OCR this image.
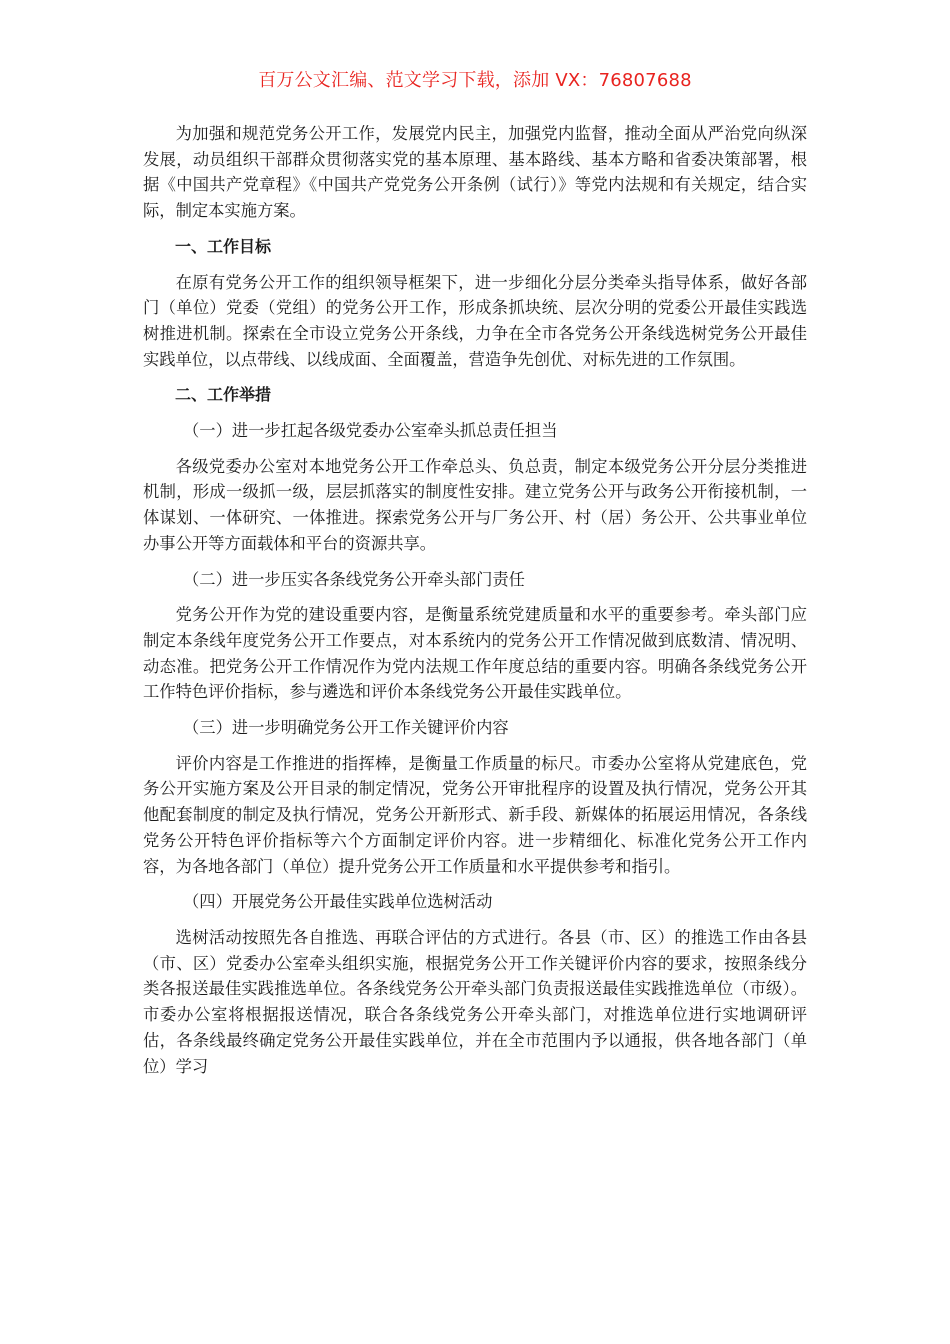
百万公文汇编、范文学习下载，添加 VX：76807688

为加强和规范党务公开工作，发展党内民主，加强党内监督，推动全面从严治党向纵深发展，动员组织干部群众贯彻落实党的基本原理、基本路线、基本方略和省委决策部署，根据《中国共产党章程》《中国共产党党务公开条例（试行）》等党内法规和有关规定，结合实际，制定本实施方案。

一、工作目标

在原有党务公开工作的组织领导框架下，进一步细化分层分类牵头指导体系，做好各部门（单位）党委（党组）的党务公开工作，形成条抓块统、层次分明的党委公开最佳实践选树推进机制。探索在全市设立党务公开条线，力争在全市各党务公开条线选树党务公开最佳实践单位，以点带线、以线成面、全面覆盖，营造争先创优、对标先进的工作氛围。

二、工作举措

（一）进一步扛起各级党委办公室牵头抓总责任担当

各级党委办公室对本地党务公开工作牵总头、负总责，制定本级党务公开分层分类推进机制，形成一级抓一级，层层抓落实的制度性安排。建立党务公开与政务公开衔接机制，一体谋划、一体研究、一体推进。探索党务公开与厂务公开、村（居）务公开、公共事业单位办事公开等方面载体和平台的资源共享。

（二）进一步压实各条线党务公开牵头部门责任

党务公开作为党的建设重要内容，是衡量系统党建质量和水平的重要参考。牵头部门应制定本条线年度党务公开工作要点，对本系统内的党务公开工作情况做到底数清、情况明、动态准。把党务公开工作情况作为党内法规工作年度总结的重要内容。明确各条线党务公开工作特色评价指标，参与遴选和评价本条线党务公开最佳实践单位。

（三）进一步明确党务公开工作关键评价内容

评价内容是工作推进的指挥棒，是衡量工作质量的标尺。市委办公室将从党建底色，党务公开实施方案及公开目录的制定情况，党务公开审批程序的设置及执行情况，党务公开其他配套制度的制定及执行情况，党务公开新形式、新手段、新媒体的拓展运用情况，各条线党务公开特色评价指标等六个方面制定评价内容。进一步精细化、标准化党务公开工作内容，为各地各部门（单位）提升党务公开工作质量和水平提供参考和指引。

（四）开展党务公开最佳实践单位选树活动

选树活动按照先各自推选、再联合评估的方式进行。各县（市、区）的推选工作由各县（市、区）党委办公室牵头组织实施，根据党务公开工作关键评价内容的要求，按照条线分类各报送最佳实践推选单位。各条线党务公开牵头部门负责报送最佳实践推选单位（市级）。市委办公室将根据报送情况，联合各条线党务公开牵头部门，对推选单位进行实地调研评估，各条线最终确定党务公开最佳实践单位，并在全市范围内予以通报，供各地各部门（单位）学习
